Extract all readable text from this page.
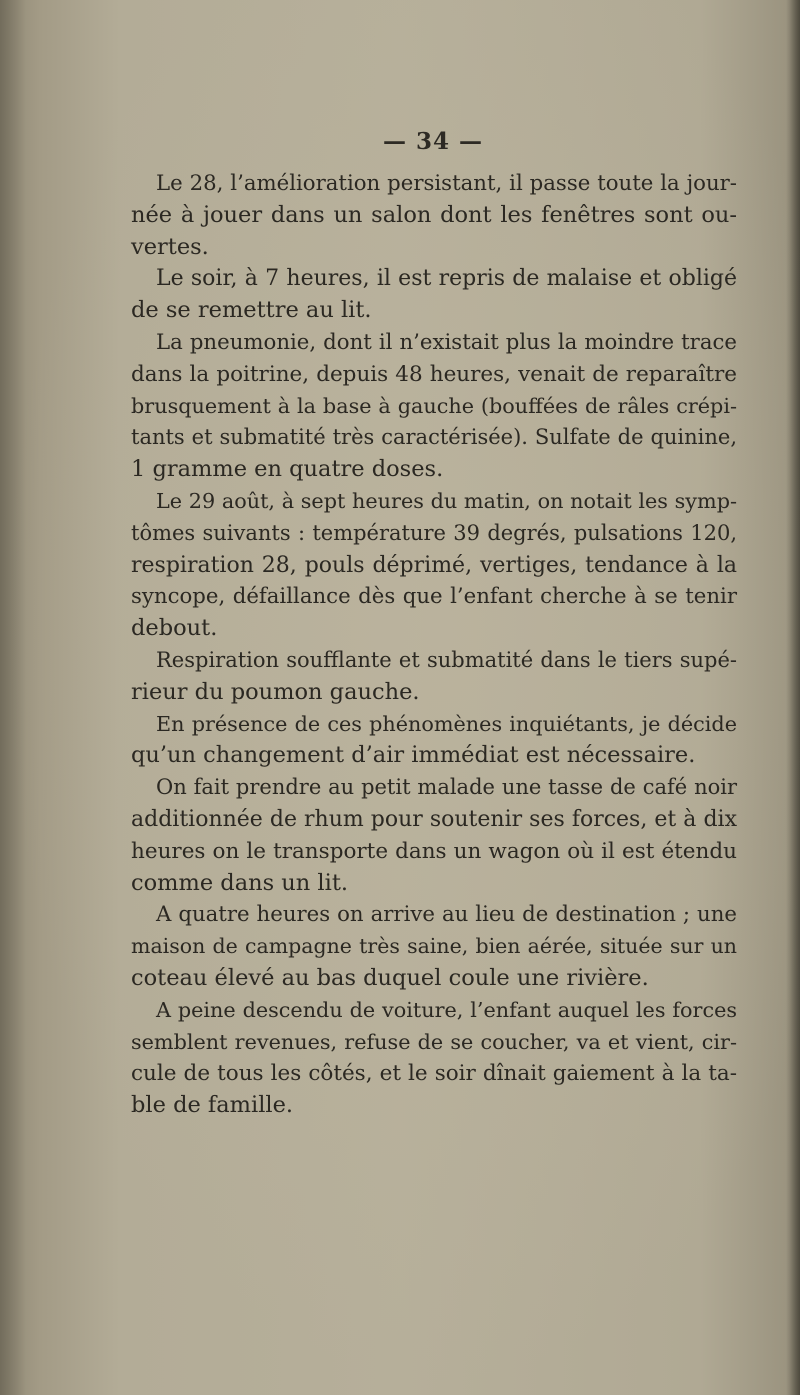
— 34 —
Le 28, l’amélioration persistant, il passe toute la jour-
née à jouer dans un salon dont les fenêtres sont ou-
vertes.
Le soir, à 7 heures, il est repris de malaise et obligé
de se remettre au lit.
La pneumonie, dont il n’existait plus la moindre trace
dans la poitrine, depuis 48 heures, venait de reparaître
brusquement à la base à gauche (bouffées de râles crépi-
tants et submatité très caractérisée). Sulfate de quinine,
1 gramme en quatre doses.
Le 29 août, à sept heures du matin, on notait les symp-
tômes suivants : température 39 degrés, pulsations 120,
respiration 28, pouls déprimé, vertiges, tendance à la
syncope, défaillance dès que l’enfant cherche à se tenir
debout.
Respiration soufflante et submatité dans le tiers supé-
rieur du poumon gauche.
En présence de ces phénomènes inquiétants, je décide
qu’un changement d’air immédiat est nécessaire.
On fait prendre au petit malade une tasse de café noir
additionnée de rhum pour soutenir ses forces, et à dix
heures on le transporte dans un wagon où il est étendu
comme dans un lit.
A quatre heures on arrive au lieu de destination ; une
maison de campagne très saine, bien aérée, située sur un
coteau élevé au bas duquel coule une rivière.
A peine descendu de voiture, l’enfant auquel les forces
semblent revenues, refuse de se coucher, va et vient, cir-
cule de tous les côtés, et le soir dînait gaiement à la ta-
ble de famille.
